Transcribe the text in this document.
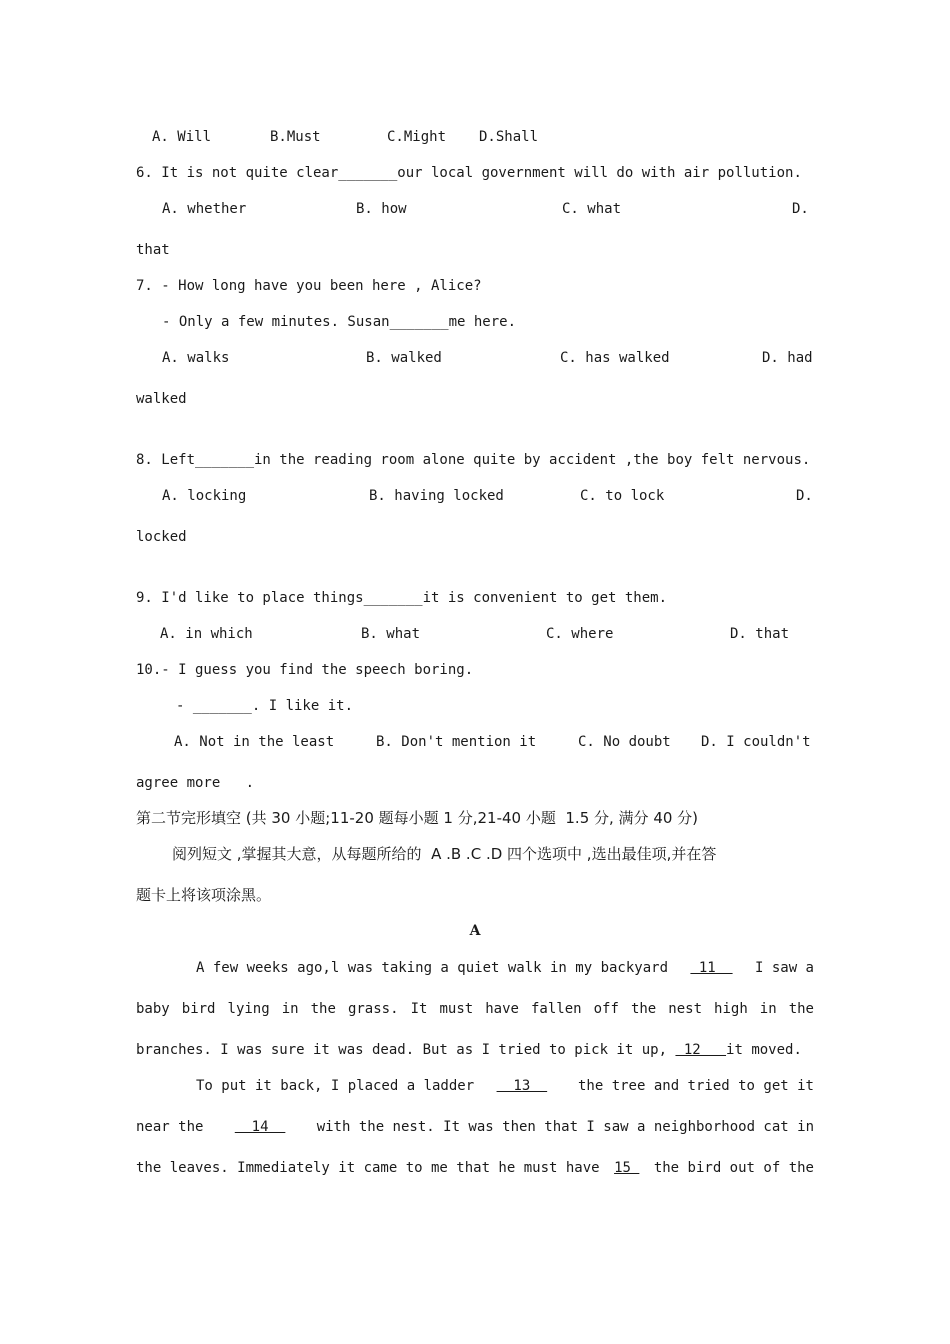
A. Will	B.Must	C.Might D.Shall
6. It is not quite clear_______our local government will do with air pollution.
A. whether	B. how	C. what	D.
that
7. - How long have you been here , Alice?
- Only a few minutes. Susan_______me here.
A. walks	B. walked	C. has walked	D. had
walked
8. Left_______in the reading room alone quite by accident ,the boy felt nervous.
A. locking	B. having locked	C. to lock	D.
locked
9. I'd like to place things_______it is convenient to get them.
A. in which	B. what	C. where	D. that
10.- I guess you find the speech boring.
- _______. I like it.
A. Not in the least	B. Don't mention it	C. No doubt D. I couldn't
agree more   .
第二节完形填空 (共 30 小题;11-20 题每小题 1 分,21-40 小题  1.5 分, 满分 40 分)
阅列短文 ,掌握其大意，从每题所给的  A .B .C .D 四个选项中 ,选出最佳项,并在答
题卡上将该项涂黑。
A
A few weeks ago,l was taking a quiet walk in my backyard 11 I saw a
baby bird lying in the grass. It must have fallen off the nest high in the
branches. I was sure it was dead. But as I tried to pick it up,  12   it moved.
To put it back, I placed a ladder 13 the tree and tried to get it
near the 14 with the nest. It was then that I saw a neighborhood cat in
the leaves. Immediately it came to me that he must have 15 the bird out of the
